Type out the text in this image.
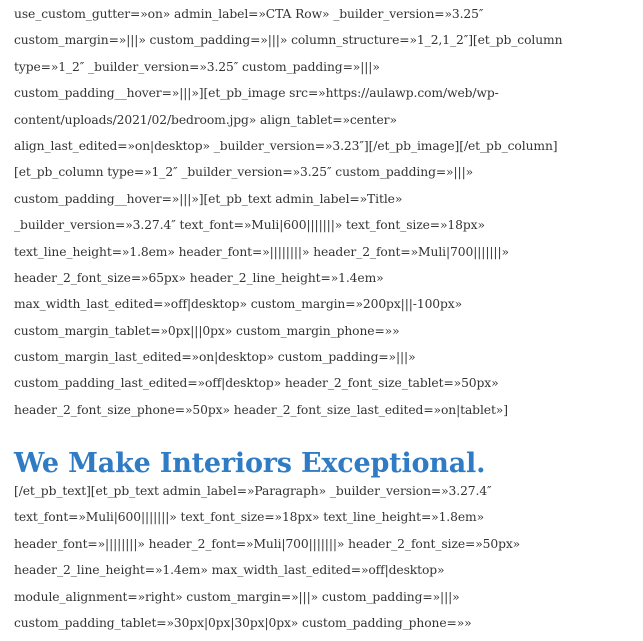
use_custom_gutter=»on» admin_label=»CTA Row» _builder_version=»3.25″
custom_margin=»|||» custom_padding=»|||» column_structure=»1_2,1_2″][et_pb_column
type=»1_2″ _builder_version=»3.25″ custom_padding=»|||»
custom_padding__hover=»|||»][et_pb_image src=»https://aulawp.com/web/wp-
content/uploads/2021/02/bedroom.jpg» align_tablet=»center»
align_last_edited=»on|desktop» _builder_version=»3.23″][/et_pb_image][/et_pb_column]
[et_pb_column type=»1_2″ _builder_version=»3.25″ custom_padding=»|||»
custom_padding__hover=»|||»][et_pb_text admin_label=»Title»
_builder_version=»3.27.4″ text_font=»Muli|600|||||||» text_font_size=»18px»
text_line_height=»1.8em» header_font=»||||||||» header_2_font=»Muli|700|||||||»
header_2_font_size=»65px» header_2_line_height=»1.4em»
max_width_last_edited=»off|desktop» custom_margin=»200px|||-100px»
custom_margin_tablet=»0px|||0px» custom_margin_phone=»»
custom_margin_last_edited=»on|desktop» custom_padding=»|||»
custom_padding_last_edited=»off|desktop» header_2_font_size_tablet=»50px»
header_2_font_size_phone=»50px» header_2_font_size_last_edited=»on|tablet»]
We Make Interiors Exceptional.
[/et_pb_text][et_pb_text admin_label=»Paragraph» _builder_version=»3.27.4″
text_font=»Muli|600|||||||» text_font_size=»18px» text_line_height=»1.8em»
header_font=»||||||||» header_2_font=»Muli|700|||||||» header_2_font_size=»50px»
header_2_line_height=»1.4em» max_width_last_edited=»off|desktop»
module_alignment=»right» custom_margin=»|||» custom_padding=»|||»
custom_padding_tablet=»30px|0px|30px|0px» custom_padding_phone=»»
